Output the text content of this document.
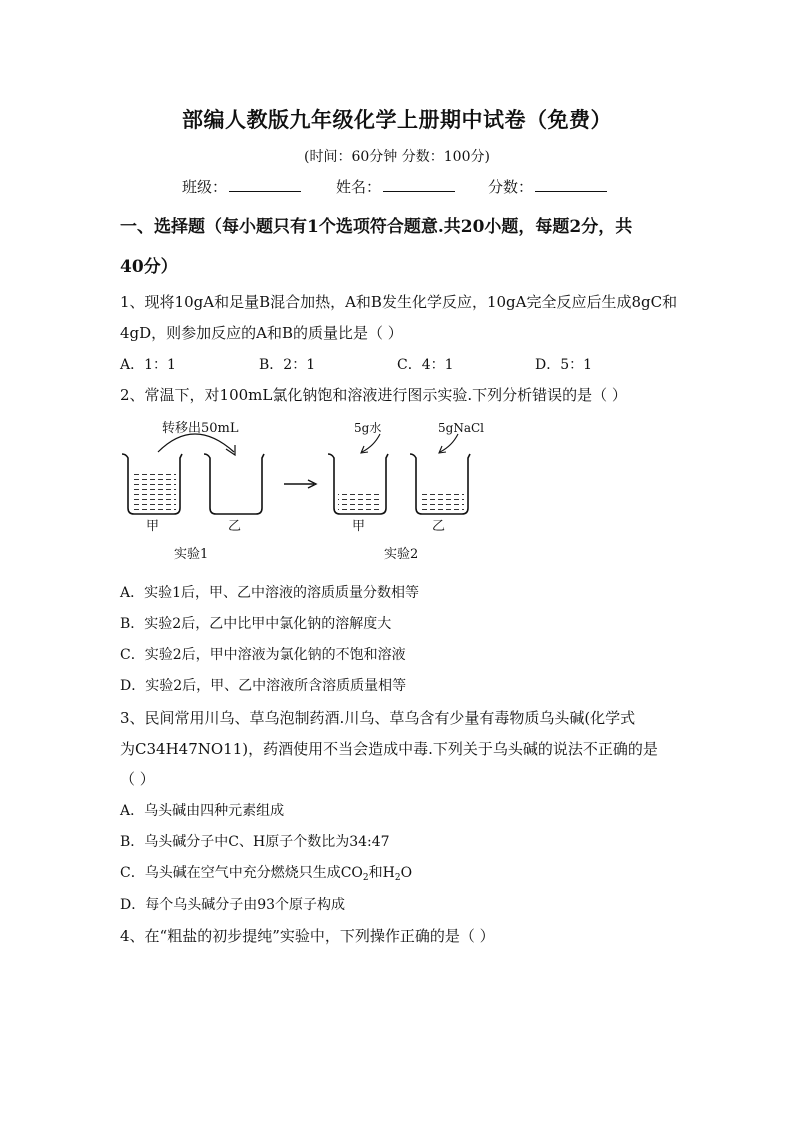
部编人教版九年级化学上册期中试卷（免费）
(时间：60分钟 分数：100分)
班级：	姓名：	分数：
一、选择题（每小题只有1个选项符合题意.共20小题，每题2分，共
40分）
1、现将10gA和足量B混合加热，A和B发生化学反应，10gA完全反应后生成8gC和
4gD，则参加反应的A和B的质量比是（ ）
A．1：1	B．2：1	C．4：1	D．5：1
2、常温下，对100mL氯化钠饱和溶液进行图示实验.下列分析错误的是（ ）
转移出50mL
甲	乙
实验1
5g水	5gNaCl
甲	乙
实验2
A．实验1后，甲、乙中溶液的溶质质量分数相等
B．实验2后，乙中比甲中氯化钠的溶解度大
C．实验2后，甲中溶液为氯化钠的不饱和溶液
D．实验2后，甲、乙中溶液所含溶质质量相等
3、民间常用川乌、草乌泡制药酒.川乌、草乌含有少量有毒物质乌头碱(化学式
为C34H47NO11)，药酒使用不当会造成中毒.下列关于乌头碱的说法不正确的是
（ ）
A．乌头碱由四种元素组成
B．乌头碱分子中C、H原子个数比为34:47
C．乌头碱在空气中充分燃烧只生成$CO_2$和$H_2O$
D．每个乌头碱分子由93个原子构成
4、在“粗盐的初步提纯”实验中，下列操作正确的是（ ）
